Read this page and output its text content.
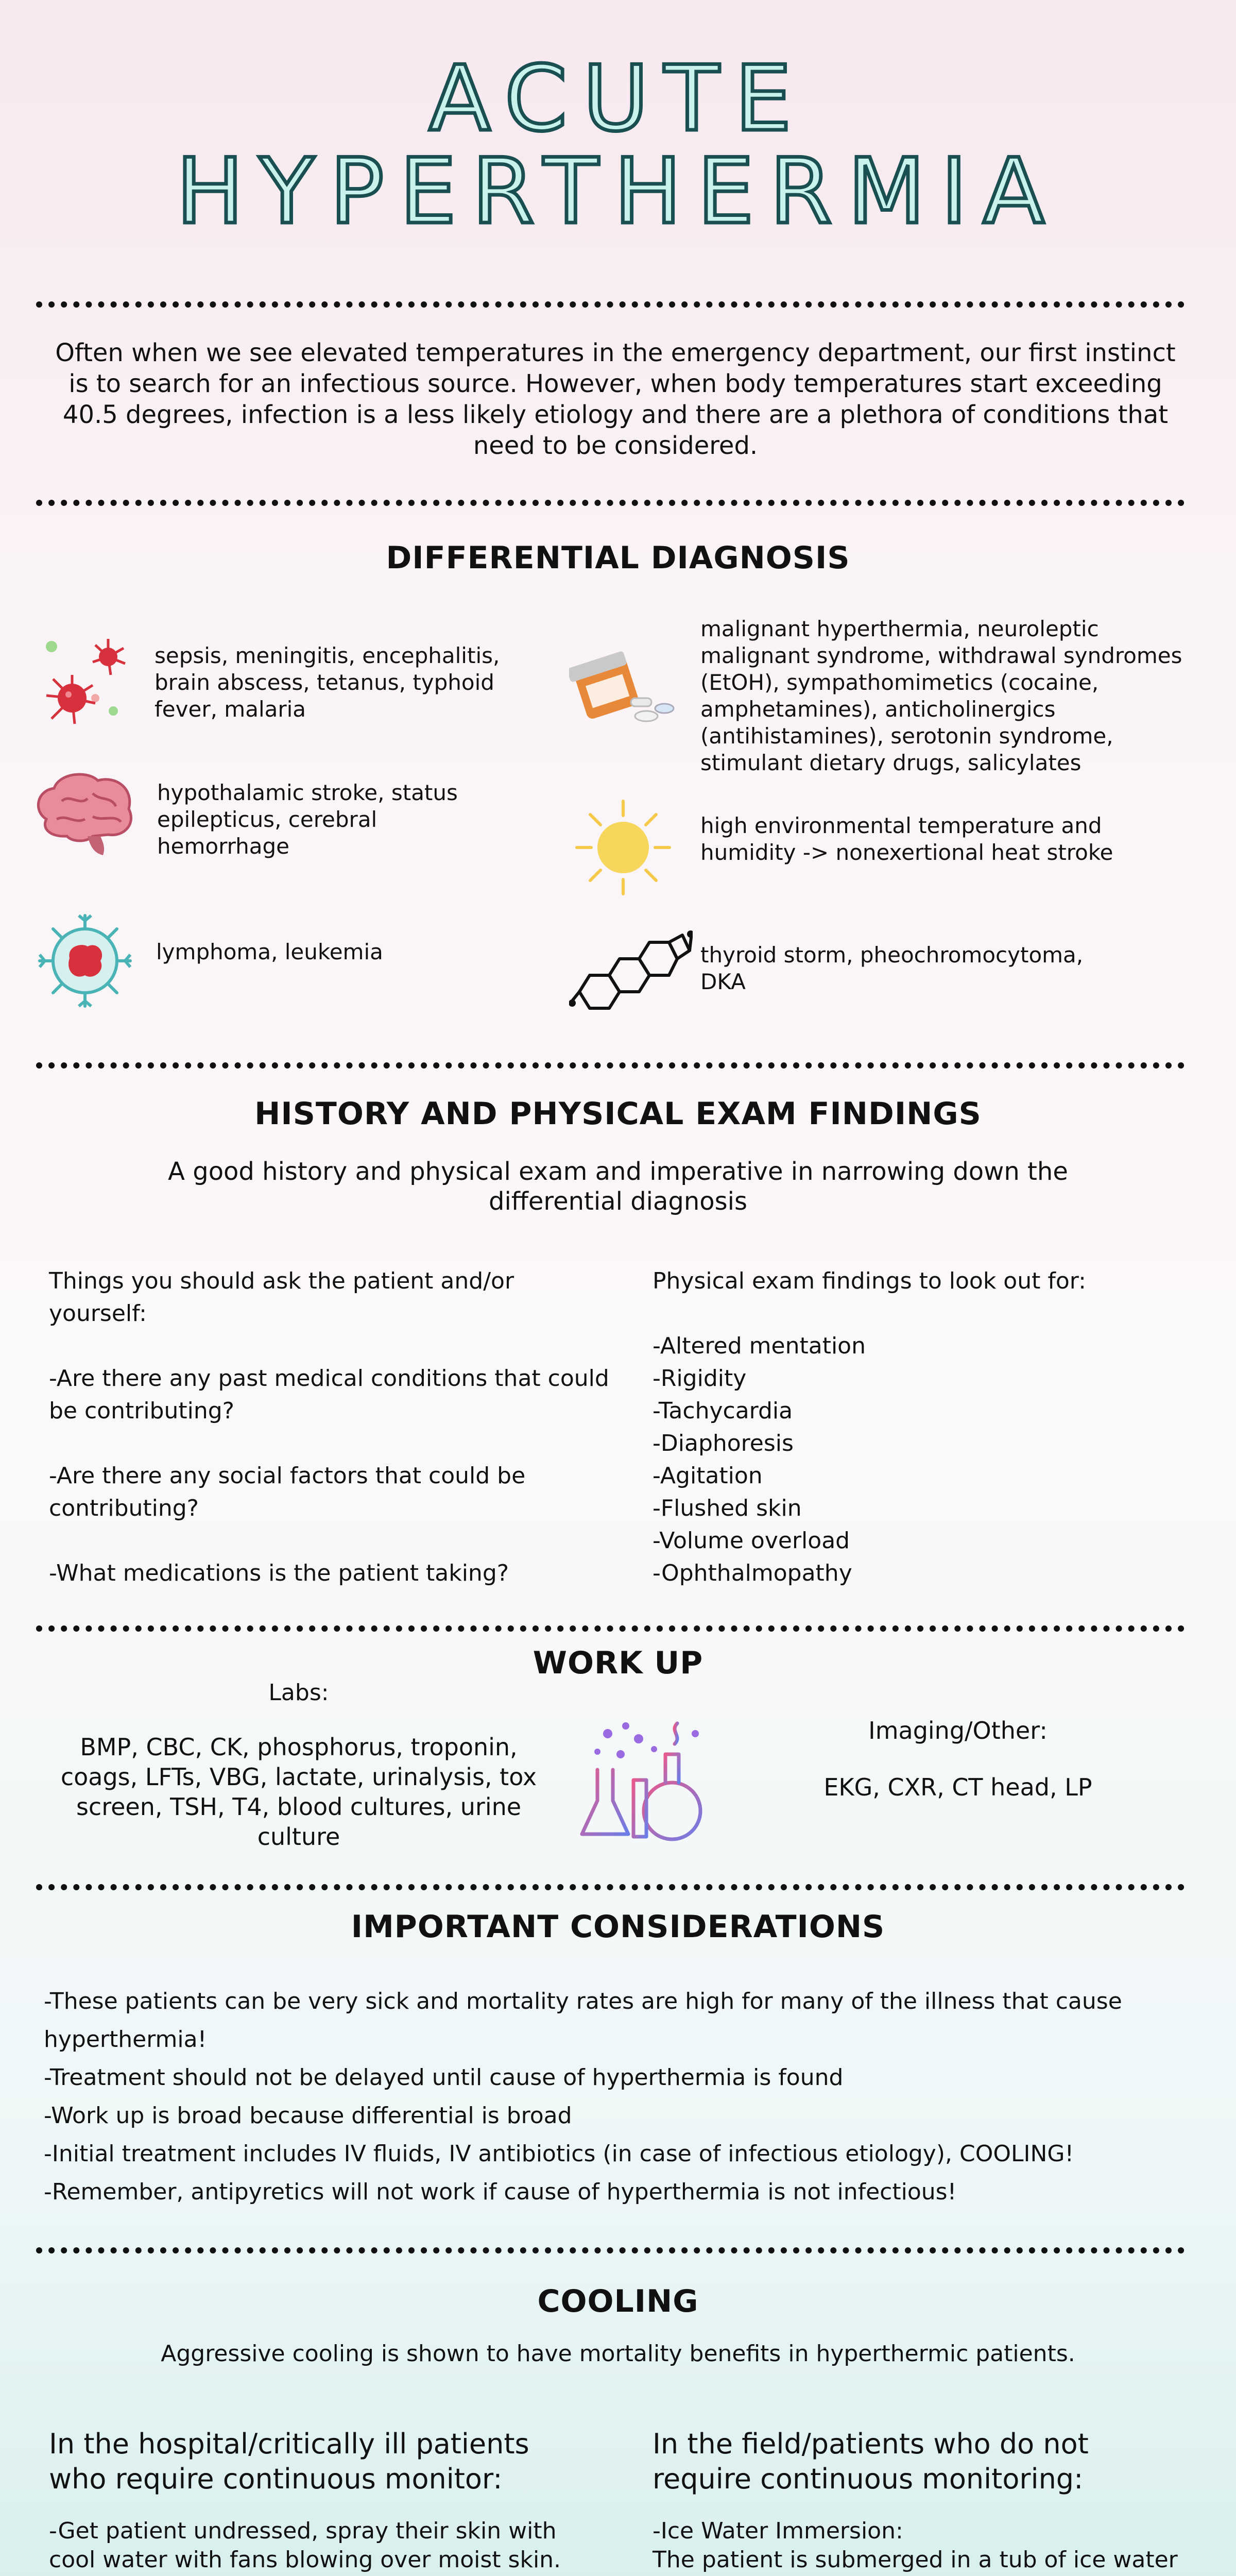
ACUTE
HYPERTHERMIA
Often when we see elevated temperatures in the emergency department, our first instinct is to search for an infectious source. However, when body temperatures start exceeding 40.5 degrees, infection is a less likely etiology and there are a plethora of conditions that need to be considered.
DIFFERENTIAL DIAGNOSIS
sepsis, meningitis, encephalitis, brain abscess, tetanus, typhoid fever, malaria
hypothalamic stroke, status epilepticus, cerebral hemorrhage
lymphoma, leukemia
malignant hyperthermia, neuroleptic malignant syndrome, withdrawal syndromes (EtOH), sympathomimetics (cocaine, amphetamines), anticholinergics (antihistamines), serotonin syndrome, stimulant dietary drugs, salicylates
high environmental temperature and humidity -> nonexertional heat stroke
thyroid storm, pheochromocytoma, DKA
HISTORY AND PHYSICAL EXAM FINDINGS
A good history and physical exam and imperative in narrowing down the differential diagnosis
Things you should ask the patient and/or yourself:

-Are there any past medical conditions that could be contributing?

-Are there any social factors that could be contributing?

-What medications is the patient taking?
Physical exam findings to look out for:

-Altered mentation
-Rigidity
-Tachycardia
-Diaphoresis
-Agitation
-Flushed skin
-Volume overload
-Ophthalmopathy
WORK UP
Labs:
BMP, CBC, CK, phosphorus, troponin, coags, LFTs, VBG, lactate, urinalysis, tox screen, TSH, T4, blood cultures, urine culture
Imaging/Other:
EKG, CXR, CT head, LP
IMPORTANT CONSIDERATIONS
-These patients can be very sick and mortality rates are high for many of the illness that cause hyperthermia!
-Treatment should not be delayed until cause of hyperthermia is found
-Work up is broad because differential is broad
-Initial treatment includes IV fluids, IV antibiotics (in case of infectious etiology), COOLING!
-Remember, antipyretics will not work if cause of hyperthermia is not infectious!
COOLING
Aggressive cooling is shown to have mortality benefits in hyperthermic patients.
In the hospital/critically ill patients who require continuous monitor:
-Get patient undressed, spray their skin with cool water with fans blowing over moist skin.

In the field/patients who do not require continuous monitoring:
-Ice Water Immersion:
The patient is submerged in a tub of ice water
